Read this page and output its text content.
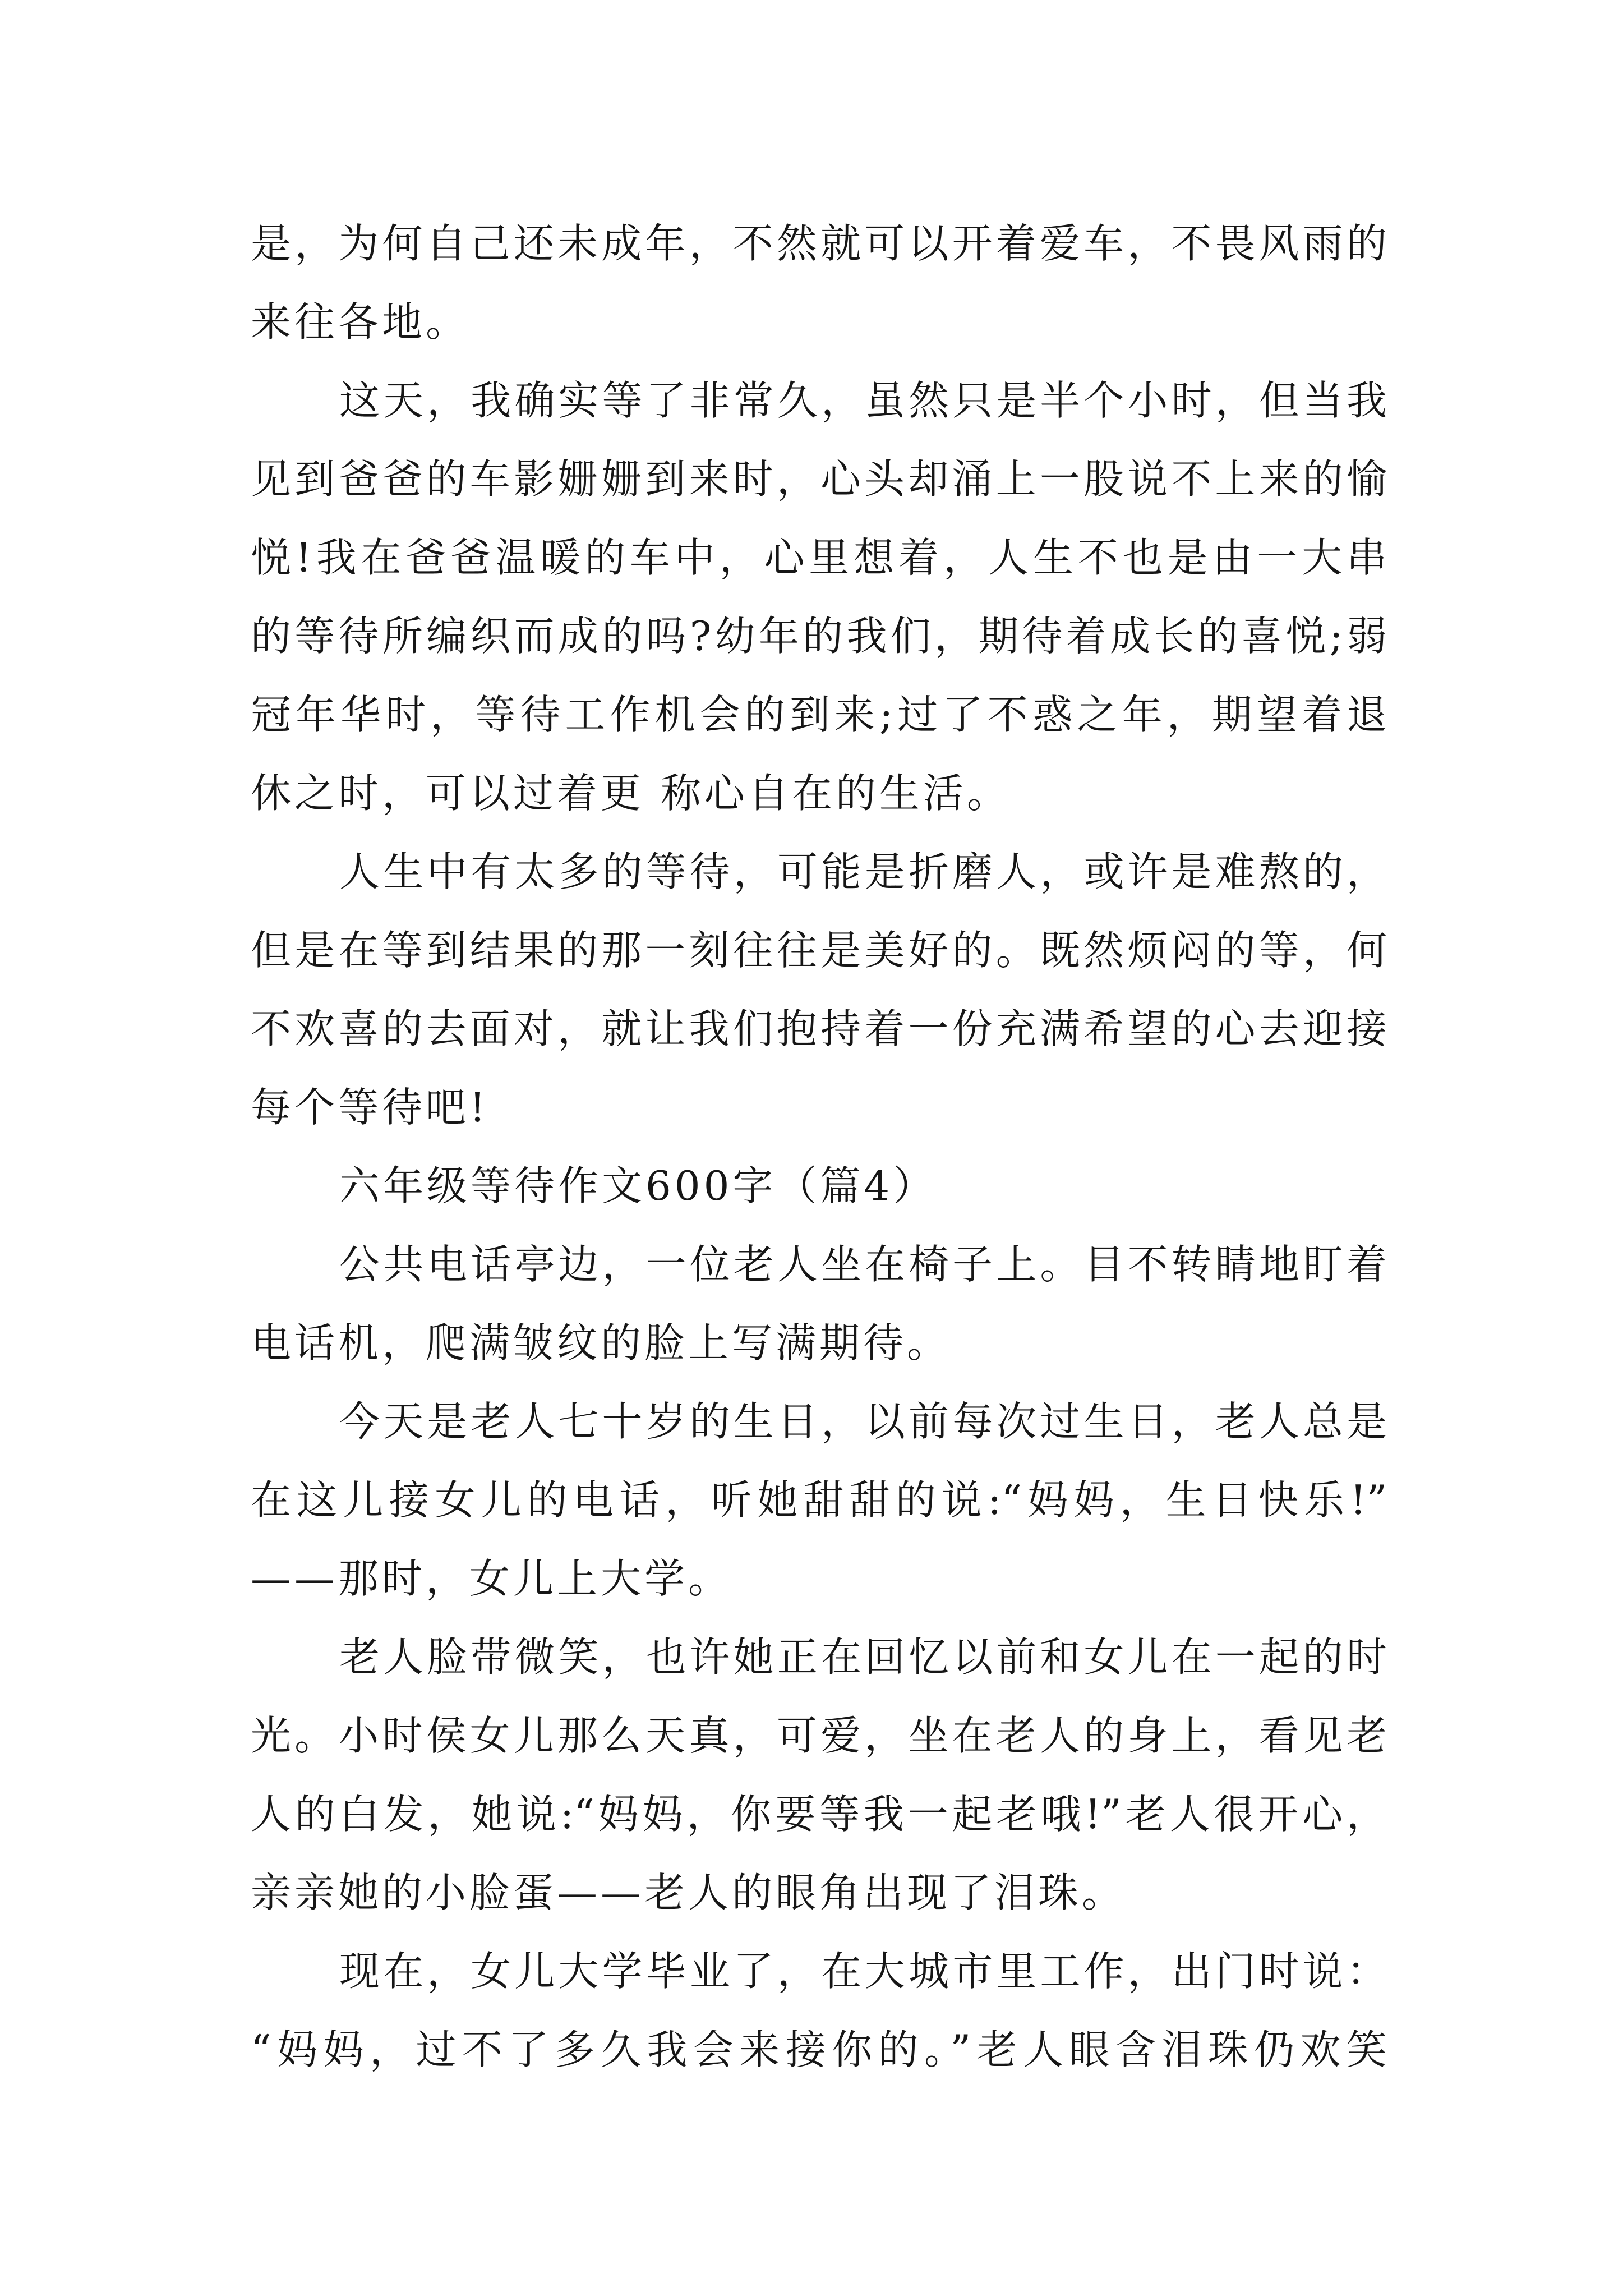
是，为何自己还未成年，不然就可以开着爱车，不畏风雨的
来往各地。
这天，我确实等了非常久，虽然只是半个小时，但当我
见到爸爸的车影姗姗到来时，心头却涌上一股说不上来的愉
悦!我在爸爸温暖的车中，心里想着，人生不也是由一大串
的等待所编织而成的吗?幼年的我们，期待着成长的喜悦;弱
冠年华时，等待工作机会的到来;过了不惑之年，期望着退
休之时，可以过着更 称心自在的生活。
人生中有太多的等待，可能是折磨人，或许是难熬的，
但是在等到结果的那一刻往往是美好的。既然烦闷的等，何
不欢喜的去面对，就让我们抱持着一份充满希望的心去迎接
每个等待吧!
六年级等待作文600字（篇4）
公共电话亭边，一位老人坐在椅子上。目不转睛地盯着
电话机，爬满皱纹的脸上写满期待。
今天是老人七十岁的生日，以前每次过生日，老人总是
在这儿接女儿的电话，听她甜甜的说:“妈妈，生日快乐!”
——那时，女儿上大学。
老人脸带微笑，也许她正在回忆以前和女儿在一起的时
光。小时侯女儿那么天真，可爱，坐在老人的身上，看见老
人的白发，她说:“妈妈，你要等我一起老哦!”老人很开心，
亲亲她的小脸蛋——老人的眼角出现了泪珠。
现在，女儿大学毕业了，在大城市里工作，出门时说：
“妈妈，过不了多久我会来接你的。”老人眼含泪珠仍欢笑
